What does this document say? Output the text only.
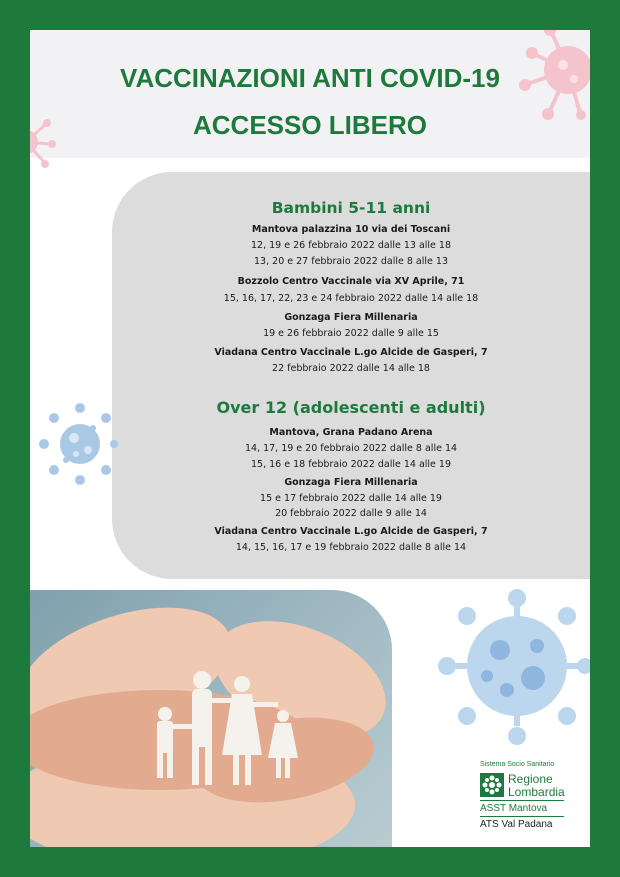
VACCINAZIONI ANTI COVID-19

ACCESSO LIBERO

Bambini 5-11 anni

Mantova palazzina 10 via dei Toscani

12, 19 e 26 febbraio 2022 dalle 13 alle 18

13, 20 e 27 febbraio 2022 dalle 8 alle 13

Bozzolo Centro Vaccinale via XV Aprile, 71

15, 16, 17, 22, 23 e 24 febbraio 2022 dalle 14 alle 18

Gonzaga Fiera Millenaria

19 e 26 febbraio 2022 dalle 9 alle 15

Viadana Centro Vaccinale L.go Alcide de Gasperi, 7

22 febbraio 2022 dalle 14 alle 18

Over 12 (adolescenti e adulti)

Mantova, Grana Padano Arena

14, 17, 19 e 20 febbraio 2022 dalle 8 alle 14

15, 16 e 18 febbraio 2022 dalle 14 alle 19

Gonzaga Fiera Millenaria

15 e 17 febbraio 2022 dalle 14 alle 19

20 febbraio 2022 dalle 9 alle 14

Viadana Centro Vaccinale L.go Alcide de Gasperi, 7

14, 15, 16, 17 e 19 febbraio 2022 dalle 8 alle 14

Sistema Socio Sanitario

Regione

Lombardia

ASST Mantova

ATS Val Padana
